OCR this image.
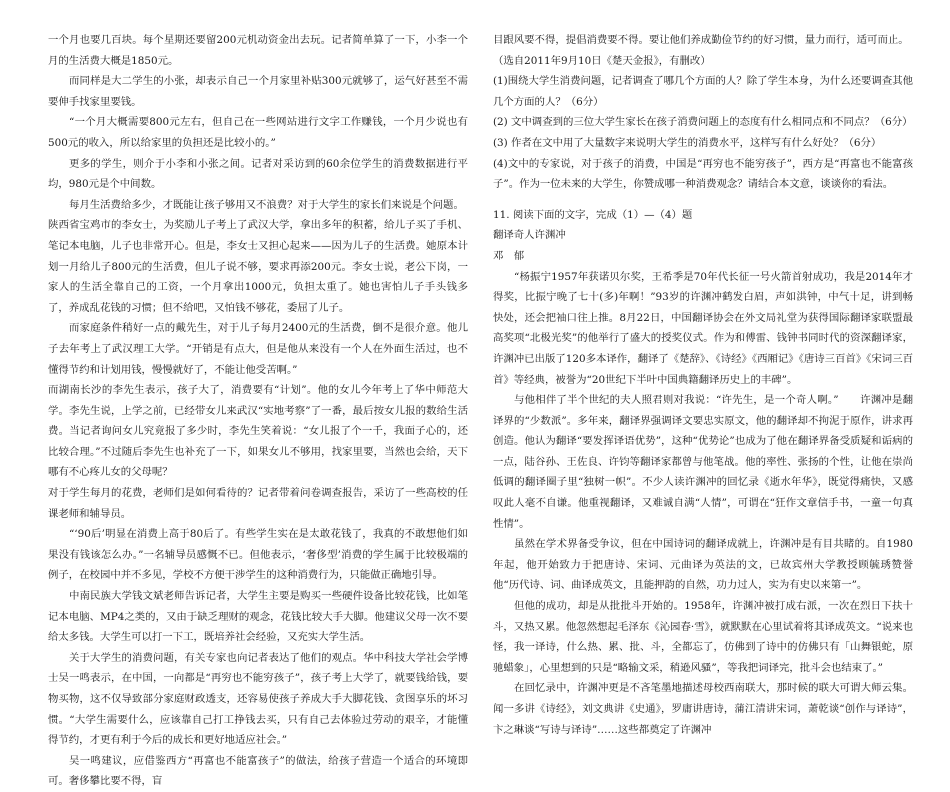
一个月也要几百块。每个星期还要留200元机动资金出去玩。记者简单算了一下，小李一个月的生活费大概是1850元。

而同样是大二学生的小张，却表示自己一个月家里补贴300元就够了，运气好甚至不需要伸手找家里要钱。

“一个月大概需要800元左右，但自己在一些网站进行文字工作赚钱，一个月少说也有500元的收入，所以给家里的负担还是比较小的。”

更多的学生，则介于小李和小张之间。记者对采访到的60余位学生的消费数据进行平均，980元是个中间数。

每月生活费给多少，才既能让孩子够用又不浪费？对于大学生的家长们来说是个问题。

陕西省宝鸡市的李女士，为奖励儿子考上了武汉大学，拿出多年的积蓄，给儿子买了手机、笔记本电脑，儿子也非常开心。但是，李女士又担心起来——因为儿子的生活费。她原本计划一月给儿子800元的生活费，但儿子说不够，要求再添200元。李女士说，老公下岗，一家人的生活全靠自己的工资，一个月拿出1000元，负担太重了。她也害怕儿子手头钱多了，养成乱花钱的习惯；但不给吧，又怕钱不够花，委屈了儿子。

而家庭条件稍好一点的戴先生，对于儿子每月2400元的生活费，倒不是很介意。他儿子去年考上了武汉理工大学。“开销是有点大，但是他从来没有一个人在外面生活过，也不懂得节约和计划用钱，慢慢就好了，不能让他受苦啊。”

而湖南长沙的李先生表示，孩子大了，消费要有“计划”。他的女儿今年考上了华中师范大学。李先生说，上学之前，已经带女儿来武汉“实地考察”了一番，最后按女儿报的数给生活费。当记者询问女儿究竟报了多少时，李先生笑着说：“女儿报了个一千，我面子心的，还比较合理。”不过随后李先生也补充了一下，如果女儿不够用，找家里要，当然也会给，天下哪有不心疼儿女的父母呢？

对于学生每月的花费，老师们是如何看待的？记者带着问卷调查报告，采访了一些高校的任课老师和辅导员。

“‘90后’明显在消费上高于80后了。有些学生实在是太敢花钱了，我真的不敢想他们如果没有钱该怎么办。”一名辅导员感慨不已。但他表示，‘奢侈型’消费的学生属于比较极端的例子，在校园中并不多见，学校不方便干涉学生的这种消费行为，只能做正确地引导。

中南民族大学钱文斌老师告诉记者，大学生主要是购买一些硬件设备比较花钱，比如笔记本电脑、MP4之类的，又由于缺乏理财的观念，花钱比较大手大脚。他建议父母一次不要给太多钱。大学生可以打一下工，既培养社会经验，又充实大学生活。

关于大学生的消费问题，有关专家也向记者表达了他们的观点。华中科技大学社会学博士吴一鸣表示，在中国，一向都是“再穷也不能穷孩子”，孩子考上大学了，就要钱给钱，要物买物，这不仅导致部分家庭财政透支，还容易使孩子养成大手大脚花钱、贪图享乐的坏习惯。“大学生需要什么，应该靠自己打工挣钱去买，只有自己去体验过劳动的艰辛，才能懂得节约，才更有利于今后的成长和更好地适应社会。”

吴一鸣建议，应借鉴西方“再富也不能富孩子”的做法，给孩子营造一个适合的环境即可。奢侈攀比要不得，盲

目跟风要不得，提倡消费要不得。要让他们养成勤俭节约的好习惯，量力而行，适可而止。

（选自2011年9月10日《楚天金报》，有删改）

(1)围绕大学生消费问题，记者调查了哪几个方面的人？除了学生本身，为什么还要调查其他几个方面的人？（6分）

(2) 文中调查到的三位大学生家长在孩子消费问题上的态度有什么相同点和不同点？（6分）

(3) 作者在文中用了大量数字来说明大学生的消费水平，这样写有什么好处？（6分）

(4)文中的专家说，对于孩子的消费，中国是“再穷也不能穷孩子”，西方是“再富也不能富孩子”。作为一位未来的大学生，你赞成哪一种消费观念？请结合本文意，谈谈你的看法。

11. 阅读下面的文字，完成（1）—（4）题

翻译奇人许渊冲

邓　郁

“杨振宁1957年获诺贝尔奖，王希季是70年代长征一号火箭首射成功，我是2014年才得奖，比振宁晚了七十(多)年啊！”93岁的许渊冲鹤发白眉，声如洪钟，中气十足，讲到畅快处，还会把袖口往上推。8月22日，中国翻译协会在外文局礼堂为获得国际翻译家联盟最高奖项“北极光奖”的他举行了盛大的授奖仪式。作为和傅雷、钱钟书同时代的资深翻译家，许渊冲已出版了120多本译作，翻译了《楚辞》、《诗经》《西厢记》《唐诗三百首》《宋词三百首》等经典，被誉为“20世纪下半叶中国典籍翻译历史上的丰碑”。

与他相伴了半个世纪的夫人照君则对我说：“许先生，是一个奇人啊。”　　许渊冲是翻译界的“少数派”。多年来，翻译界强调译文要忠实原文，他的翻译却不拘泥于原作，讲求再创造。他认为翻译“要发挥译语优势”，这种“优势论”也成为了他在翻译界备受质疑和诟病的一点，陆谷孙、王佐良、许钧等翻译家都曾与他笔战。他的率性、张扬的个性，让他在崇尚低调的翻译圈子里“独树一帜”。不少人读许渊冲的回忆录《逝水年华》，既觉得痛快，又感叹此人毫不自谦。他重视翻译，又难诚自满“人情”，可谓在“狂作文章信手书，一童一句真性情”。

虽然在学术界备受争议，但在中国诗词的翻译成就上，许渊冲是有目共睹的。自1980年起，他开始致力于把唐诗、宋词、元曲译为英法的文，已故宾州大学教授顾毓琇赞誉他“历代诗、词、曲译成英文，且能押韵的自然，功力过人，实为有史以来第一”。

但他的成功，却是从批批斗开始的。1958年，许渊冲被打成右派，一次在烈日下扶十斗，又热又累。他忽然想起毛泽东《沁园春·雪》，就默默在心里试着将其译成英文。“说来也怪，我一译诗，什么热、累、批、斗，全都忘了，仿佛到了诗中的仿佛只有「山舞银蛇，原驰蜡象」，心里想到的只是“略输文采，稍逊风骚”，等我把词译完，批斗会也结束了。”

在回忆录中，许渊冲更是不吝笔墨地描述母校西南联大，那时候的联大可谓大师云集。闻一多讲《诗经》，刘文典讲《史通》，罗庸讲唐诗，蒲江清讲宋词，萧乾谈“创作与译诗”，卞之琳谈“写诗与译诗”……这些都奠定了许渊冲
